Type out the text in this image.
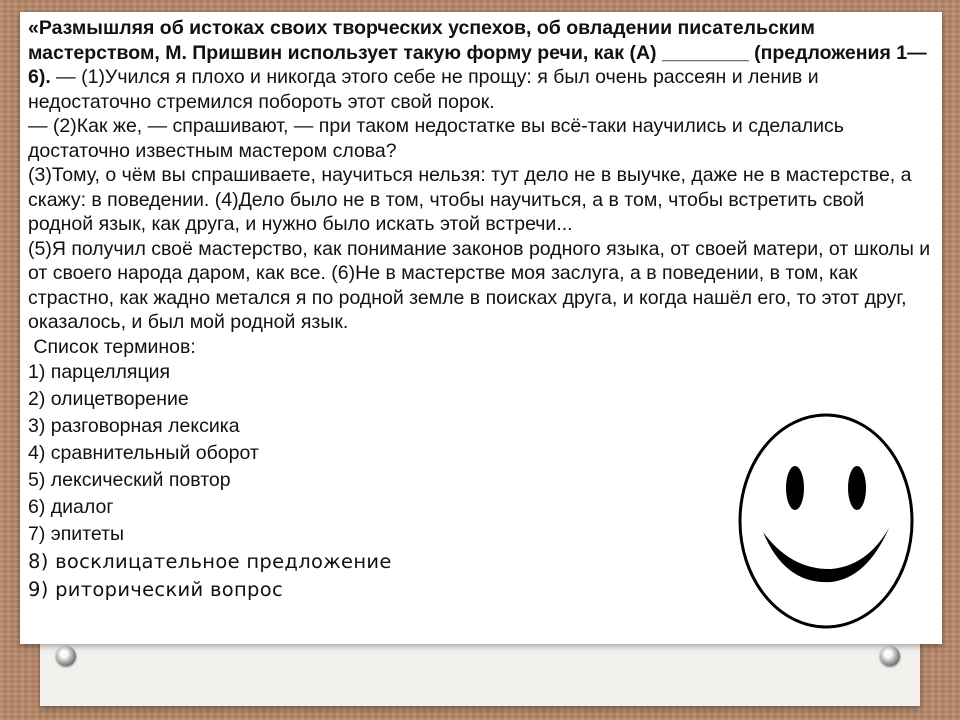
«Размышляя об истоках своих творческих успехов, об овладении писательским мастерством, М. Пришвин использует такую форму речи, как (А) ________ (предложения 1—6). — (1)Учился я плохо и никогда этого себе не прощу: я был очень рассеян и ленив и недостаточно стремился побороть этот свой порок.

— (2)Как же, — спрашивают, — при таком недостатке вы всё-таки научились и сделались достаточно известным мастером слова?

(3)Тому, о чём вы спрашиваете, научиться нельзя: тут дело не в выучке, даже не в мастерстве, а скажу: в поведении. (4)Дело было не в том, чтобы научиться, а в том, чтобы встретить свой родной язык, как друга, и нужно было искать этой встречи...

(5)Я получил своё мастерство, как понимание законов родного языка, от своей матери, от школы и от своего народа даром, как все. (6)Не в мастерстве моя заслуга, а в поведении, в том, как страстно, как жадно метался я по родной земле в поисках друга, и когда нашёл его, то этот друг, оказалось, и был мой родной язык.

Список терминов:

1) парцелляция
2) олицетворение
3) разговорная лексика
4) сравнительный оборот
5) лексический повтор
6) диалог
7) эпитеты
8) восклицательное предложение
9) риторический вопрос
